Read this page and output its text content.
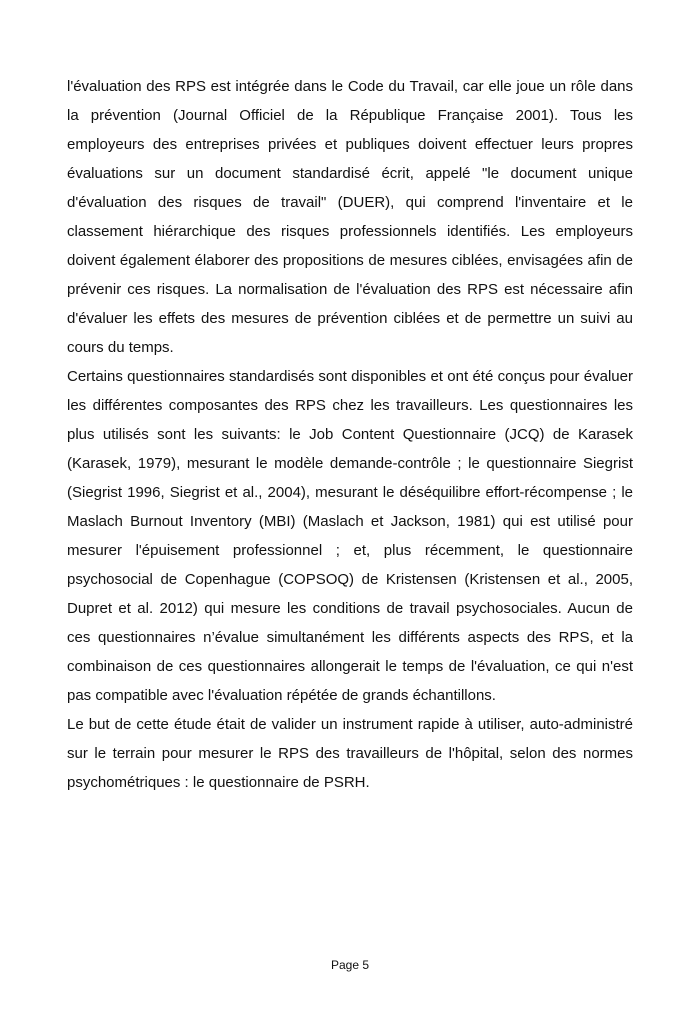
l'évaluation des RPS est intégrée dans le Code du Travail, car elle joue un rôle dans la prévention (Journal Officiel de la République Française 2001). Tous les employeurs des entreprises privées et publiques doivent effectuer leurs propres évaluations sur un document standardisé écrit, appelé "le document unique d'évaluation des risques de travail" (DUER), qui comprend l'inventaire et le classement hiérarchique des risques professionnels identifiés. Les employeurs doivent également élaborer des propositions de mesures ciblées, envisagées afin de prévenir ces risques. La normalisation de l'évaluation des RPS est nécessaire afin d'évaluer les effets des mesures de prévention ciblées et de permettre un suivi au cours du temps.

Certains questionnaires standardisés sont disponibles et ont été conçus pour évaluer les différentes composantes des RPS chez les travailleurs. Les questionnaires les plus utilisés sont les suivants: le Job Content Questionnaire (JCQ) de Karasek (Karasek, 1979), mesurant le modèle demande-contrôle ; le questionnaire Siegrist (Siegrist 1996, Siegrist et al., 2004), mesurant le déséquilibre effort-récompense ; le Maslach Burnout Inventory (MBI) (Maslach et Jackson, 1981) qui est utilisé pour mesurer l'épuisement professionnel ; et, plus récemment, le questionnaire psychosocial de Copenhague (COPSOQ) de Kristensen (Kristensen et al., 2005, Dupret et al. 2012) qui mesure les conditions de travail psychosociales. Aucun de ces questionnaires n’évalue simultanément les différents aspects des RPS, et la combinaison de ces questionnaires allongerait le temps de l'évaluation, ce qui n'est pas compatible avec l'évaluation répétée de grands échantillons.

Le but de cette étude était de valider un instrument rapide à utiliser, auto-administré sur le terrain pour mesurer le RPS des travailleurs de l'hôpital, selon des normes psychométriques : le questionnaire de PSRH.

Page 5
